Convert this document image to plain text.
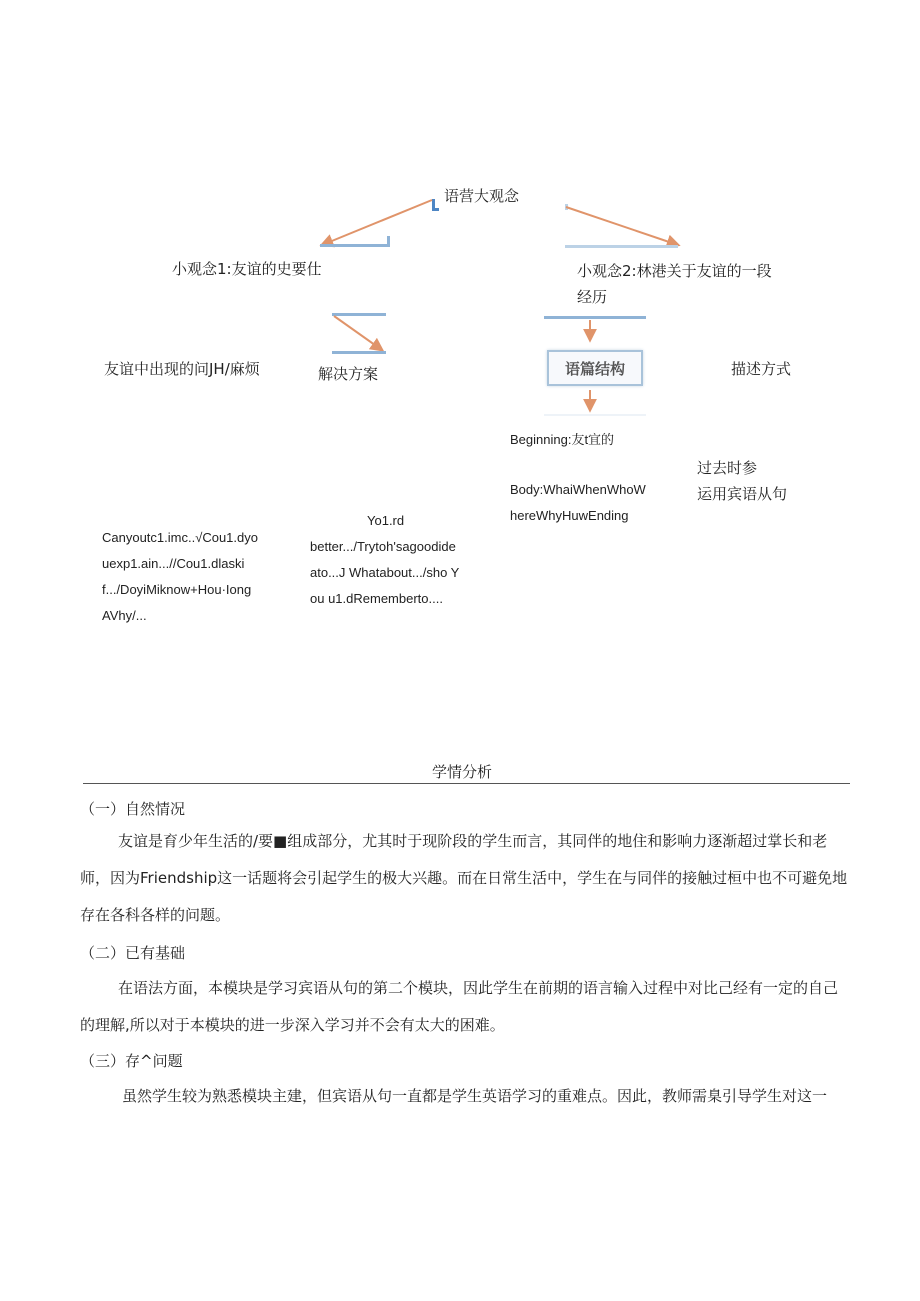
语营大观念
小观念1:友谊的史要仕	小观念2:林港关于友谊的一段经历
友谊中出现的问JH/麻烦	解决方案	语篇结构	描述方式
Beginning:友t宜的
Body:WhaiWhenWhoWhereWhyHuwEnding
过去时参
运用宾语从句
Canyoutc1.imc..√Cou1.dyouexp1.ain...//Cou1.dlaskif.../DoyiMiknow+Hou·IongAVhy/...
Yo1.rd
better.../Trytoh'sagoodideato...J Whatabout.../sho You u1.dRememberto....
学情分析
（一）自然情况
友谊是育少年生活的/要■组成部分，尤其时于现阶段的学生而言，其同伴的地住和影响力逐渐超过掌长和老师，因为Friendship这一话题将会引起学生的极大兴趣。而在日常生活中，学生在与同伴的接触过桓中也不可避免地存在各科各样的问题。
（二）已有基础
在语法方面，本模块是学习宾语从句的第二个模块，因此学生在前期的语言输入过程中对比己经有一定的自己的理解,所以对于本模块的进一步深入学习并不会有太大的困难。
（三）存^问题
虽然学生较为熟悉模块主建，但宾语从句一直都是学生英语学习的重难点。因此，教师需臬引导学生对这一
